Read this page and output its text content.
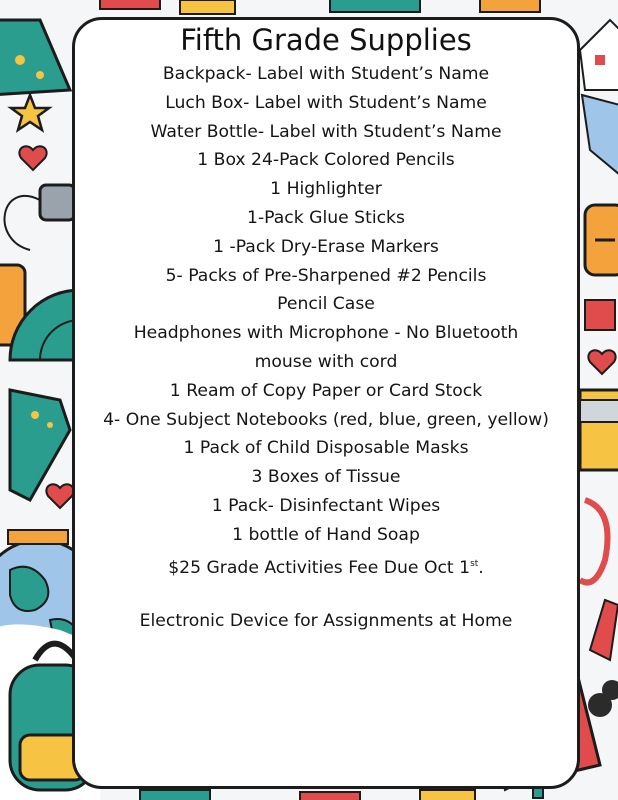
Fifth Grade Supplies
Backpack- Label with Student’s Name
Luch Box- Label with Student’s Name
Water Bottle- Label with Student’s Name
1 Box 24-Pack Colored Pencils
1 Highlighter
1-Pack Glue Sticks
1 -Pack Dry-Erase Markers
5- Packs of Pre-Sharpened #2 Pencils
Pencil Case
Headphones with Microphone - No Bluetooth
mouse with cord
1 Ream of Copy Paper or Card Stock
4- One Subject Notebooks (red, blue, green, yellow)
1 Pack of Child Disposable Masks
3 Boxes of Tissue
1 Pack- Disinfectant Wipes
1 bottle of Hand Soap
$25 Grade Activities Fee Due Oct 1st.
Electronic Device for Assignments at Home
